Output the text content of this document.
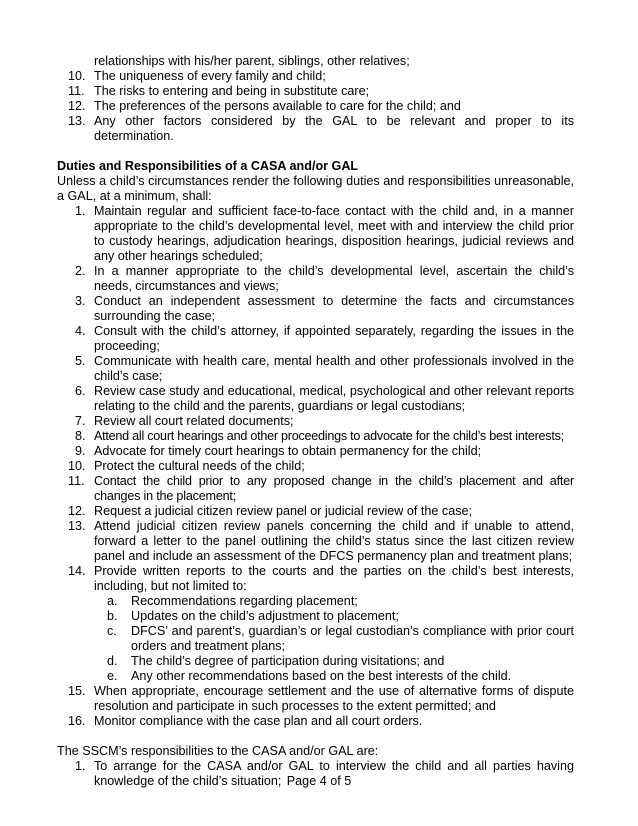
relationships with his/her parent, siblings, other relatives;
10. The uniqueness of every family and child;
11. The risks to entering and being in substitute care;
12. The preferences of the persons available to care for the child; and
13. Any other factors considered by the GAL to be relevant and proper to its determination.
Duties and Responsibilities of a CASA and/or GAL
Unless a child’s circumstances render the following duties and responsibilities unreasonable, a GAL, at a minimum, shall:
1. Maintain regular and sufficient face-to-face contact with the child and, in a manner appropriate to the child’s developmental level, meet with and interview the child prior to custody hearings, adjudication hearings, disposition hearings, judicial reviews and any other hearings scheduled;
2. In a manner appropriate to the child’s developmental level, ascertain the child’s needs, circumstances and views;
3. Conduct an independent assessment to determine the facts and circumstances surrounding the case;
4. Consult with the child’s attorney, if appointed separately, regarding the issues in the proceeding;
5. Communicate with health care, mental health and other professionals involved in the child’s case;
6. Review case study and educational, medical, psychological and other relevant reports relating to the child and the parents, guardians or legal custodians;
7. Review all court related documents;
8. Attend all court hearings and other proceedings to advocate for the child’s best interests;
9. Advocate for timely court hearings to obtain permanency for the child;
10. Protect the cultural needs of the child;
11. Contact the child prior to any proposed change in the child’s placement and after changes in the placement;
12. Request a judicial citizen review panel or judicial review of the case;
13. Attend judicial citizen review panels concerning the child and if unable to attend, forward a letter to the panel outlining the child’s status since the last citizen review panel and include an assessment of the DFCS permanency plan and treatment plans;
14. Provide written reports to the courts and the parties on the child’s best interests, including, but not limited to:
a. Recommendations regarding placement;
b. Updates on the child’s adjustment to placement;
c. DFCS’ and parent’s, guardian’s or legal custodian’s compliance with prior court orders and treatment plans;
d. The child’s degree of participation during visitations; and
e. Any other recommendations based on the best interests of the child.
15. When appropriate, encourage settlement and the use of alternative forms of dispute resolution and participate in such processes to the extent permitted; and
16. Monitor compliance with the case plan and all court orders.
The SSCM’s responsibilities to the CASA and/or GAL are:
1. To arrange for the CASA and/or GAL to interview the child and all parties having knowledge of the child’s situation; Page 4 of 5
